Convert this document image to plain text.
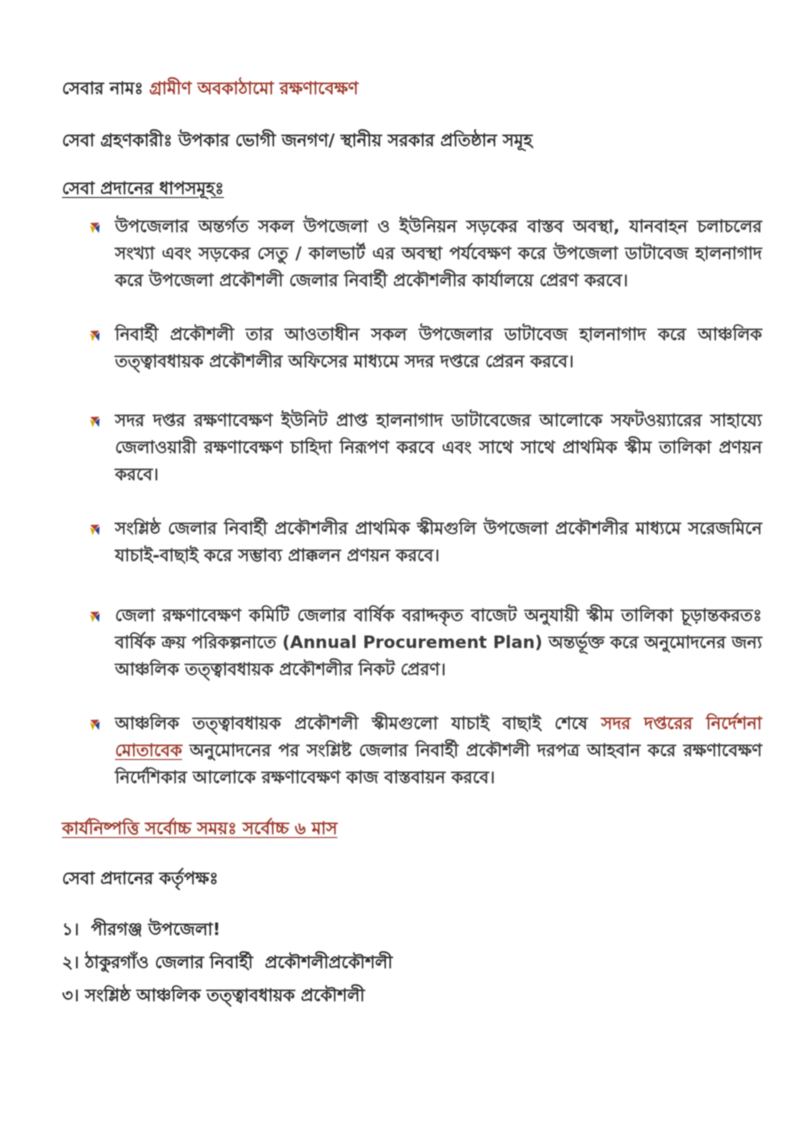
সেবার নামঃ গ্রামীণ অবকাঠামো রক্ষণাবেক্ষণ

সেবা গ্রহণকারীঃ উপকার ভোগী জনগণ/ স্থানীয় সরকার প্রতিষ্ঠান সমূহ

সেবা প্রদানের ধাপসমূহঃ

উপজেলার অন্তর্গত সকল উপজেলা ও ইউনিয়ন সড়কের বাস্তব অবস্থা, যানবাহন চলাচলের সংখ্যা এবং সড়কের সেতু / কালভার্ট এর অবস্থা পর্যবেক্ষণ করে উপজেলা ডাটাবেজ হালনাগাদ করে উপজেলা প্রকৌশলী জেলার নিবার্হী প্রকৌশলীর কার্যালয়ে প্রেরণ করবে।
নিবার্হী প্রকৌশলী তার আওতাধীন সকল উপজেলার ডাটাবেজ হালনাগাদ করে আঞ্চলিক তত্ত্বাবধায়ক প্রকৌশলীর অফিসের মাধ্যমে সদর দপ্তরে প্রেরন করবে।
সদর দপ্তর রক্ষণাবেক্ষণ ইউনিট প্রাপ্ত হালনাগাদ ডাটাবেজের আলোকে সফটওয়্যারের সাহায্যে জেলাওয়ারী রক্ষণাবেক্ষণ চাহিদা নিরূপণ করবে এবং সাথে সাথে প্রাথমিক স্কীম তালিকা প্রণয়ন করবে।
সংশ্লিষ্ঠ জেলার নিবার্হী প্রকৌশলীর প্রাথমিক স্কীমগুলি উপজেলা প্রকৌশলীর মাধ্যমে সরেজমিনে যাচাই-বাছাই করে সম্ভাব্য প্রাক্কলন প্রণয়ন করবে।
জেলা রক্ষণাবেক্ষণ কমিটি জেলার বার্ষিক বরাদ্দকৃত বাজেট অনুযায়ী স্কীম তালিকা চূড়ান্তকরতঃ বার্ষিক ক্রয় পরিকল্পনাতে (Annual Procurement Plan) অন্তর্ভূক্ত করে অনুমোদনের জন্য আঞ্চলিক তত্ত্বাবধায়ক প্রকৌশলীর নিকট প্রেরণ।
আঞ্চলিক তত্ত্বাবধায়ক প্রকৌশলী স্কীমগুলো যাচাই বাছাই শেষে সদর দপ্তরের নির্দেশনা মোতাবেক অনুমোদনের পর সংশ্লিষ্ট জেলার নিবার্হী প্রকৌশলী দরপত্র আহবান করে রক্ষণাবেক্ষণ নির্দেশিকার আলোকে রক্ষণাবেক্ষণ কাজ বাস্তবায়ন করবে।

কার্যনিষ্পত্তি সর্বোচ্চ সময়ঃ সর্বোচ্চ ৬ মাস

সেবা প্রদানের কর্তৃপক্ষঃ

১।  পীরগঞ্জ উপজেলা!
২। ঠাকুরগাঁও জেলার নিবার্হী  প্রকৌশলীপ্রকৌশলী
৩। সংশ্লিষ্ঠ আঞ্চলিক তত্ত্বাবধায়ক প্রকৌশলী
